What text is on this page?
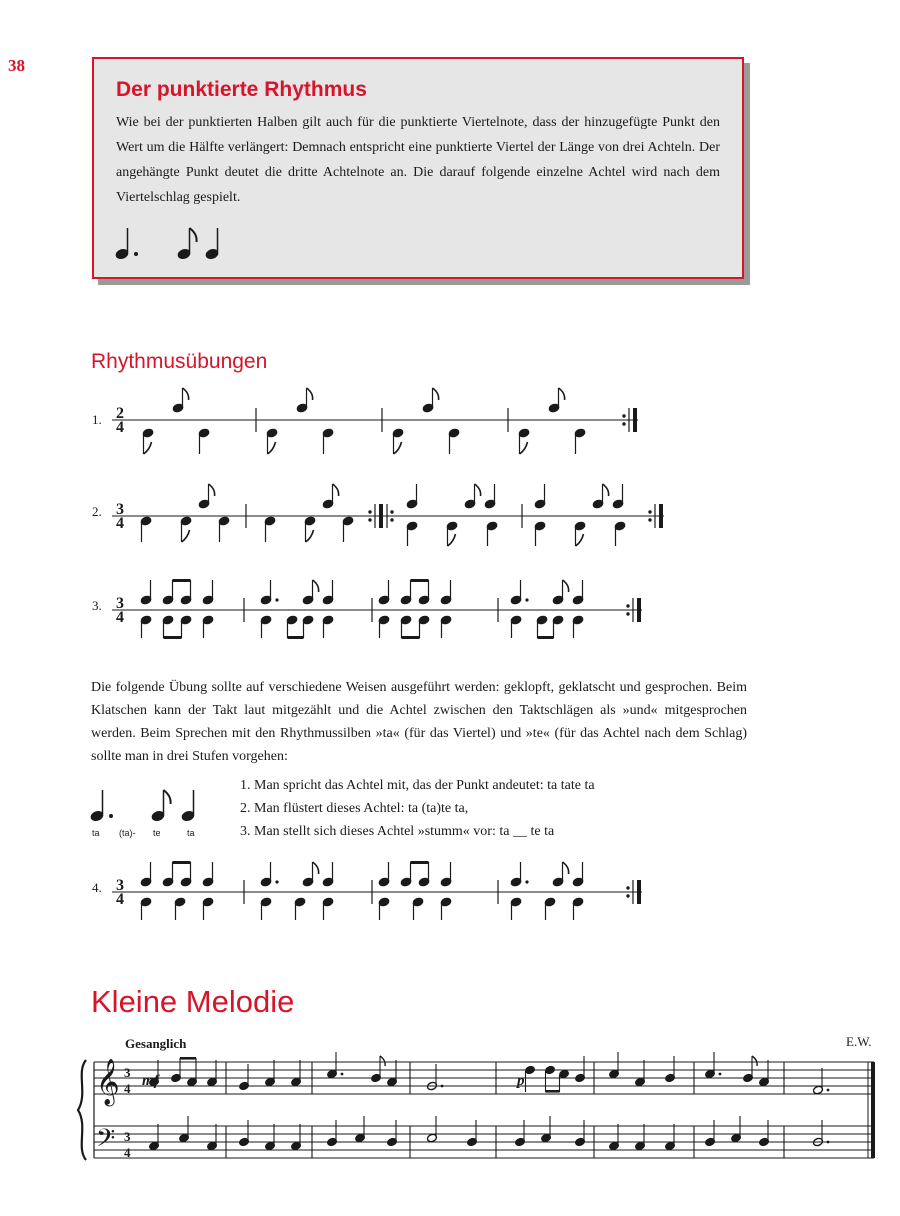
38
Der punktierte Rhythmus

Wie bei der punktierten Halben gilt auch für die punktierte Viertelnote, dass der hinzugefügte Punkt den Wert um die Hälfte verlängert: Demnach entspricht eine punktierte Viertel der Länge von drei Achteln. Der angehängte Punkt deutet die dritte Achtelnote an. Die darauf folgende einzelne Achtel wird nach dem Viertelschlag gespielt.

Rhythmusübungen
1. 2
4
2. 3
4
3. 3
4

Die folgende Übung sollte auf verschiedene Weisen ausgeführt werden: geklopft, geklatscht und gesprochen. Beim Klatschen kann der Takt laut mitgezählt und die Achtel zwischen den Taktschlägen als »und« mitgesprochen werden. Beim Sprechen mit den Rhythmussilben »ta« (für das Viertel) und »te« (für das Achtel nach dem Schlag) sollte man in drei Stufen vorgehen:

ta (ta)- te	ta
1. Man spricht das Achtel mit, das der Punkt andeutet: ta tate ta
2. Man flüstert dieses Achtel: ta (ta)te ta,
3. Man stellt sich dieses Achtel »stumm« vor: ta __ te ta
4. 3
4
Kleine Melodie
Gesanglich	E.W.
𝄞
𝄢
3
4
3
4
mf	p
